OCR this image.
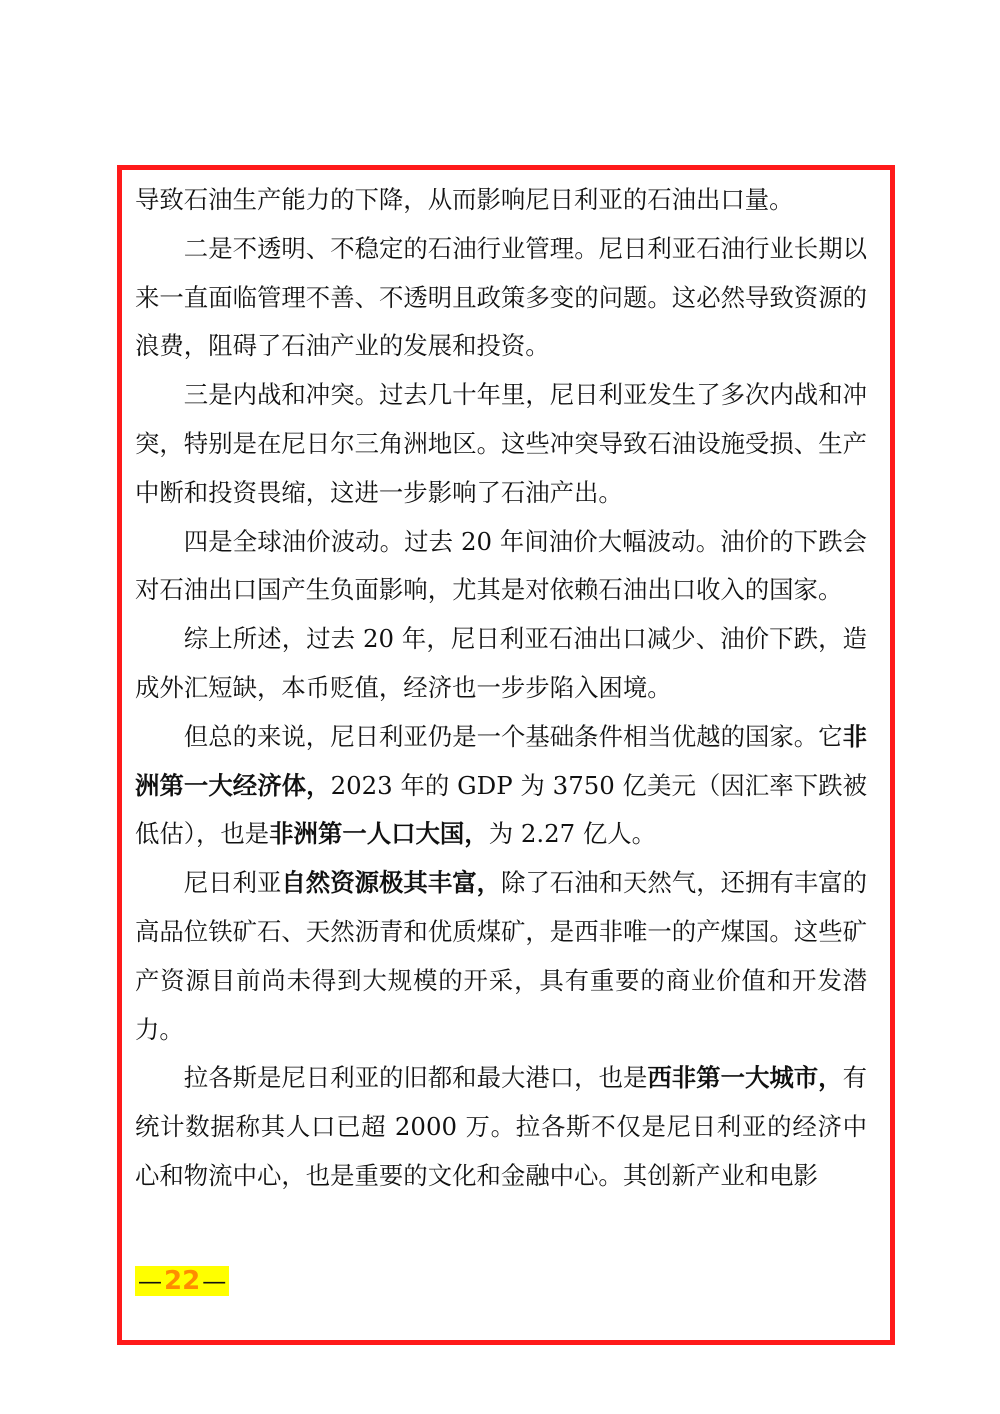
导致石油生产能力的下降，从而影响尼日利亚的石油出口量。

二是不透明、不稳定的石油行业管理。尼日利亚石油行业长期以来一直面临管理不善、不透明且政策多变的问题。这必然导致资源的浪费，阻碍了石油产业的发展和投资。

三是内战和冲突。过去几十年里，尼日利亚发生了多次内战和冲突，特别是在尼日尔三角洲地区。这些冲突导致石油设施受损、生产中断和投资畏缩，这进一步影响了石油产出。

四是全球油价波动。过去 20 年间油价大幅波动。油价的下跌会对石油出口国产生负面影响，尤其是对依赖石油出口收入的国家。

综上所述，过去 20 年，尼日利亚石油出口减少、油价下跌，造成外汇短缺，本币贬值，经济也一步步陷入困境。

但总的来说，尼日利亚仍是一个基础条件相当优越的国家。它非洲第一大经济体，2023 年的 GDP 为 3750 亿美元（因汇率下跌被低估），也是非洲第一人口大国，为 2.27 亿人。

尼日利亚自然资源极其丰富，除了石油和天然气，还拥有丰富的高品位铁矿石、天然沥青和优质煤矿，是西非唯一的产煤国。这些矿产资源目前尚未得到大规模的开采，具有重要的商业价值和开发潜力。

拉各斯是尼日利亚的旧都和最大港口，也是西非第一大城市，有统计数据称其人口已超 2000 万。拉各斯不仅是尼日利亚的经济中心和物流中心，也是重要的文化和金融中心。其创新产业和电影

—22—
